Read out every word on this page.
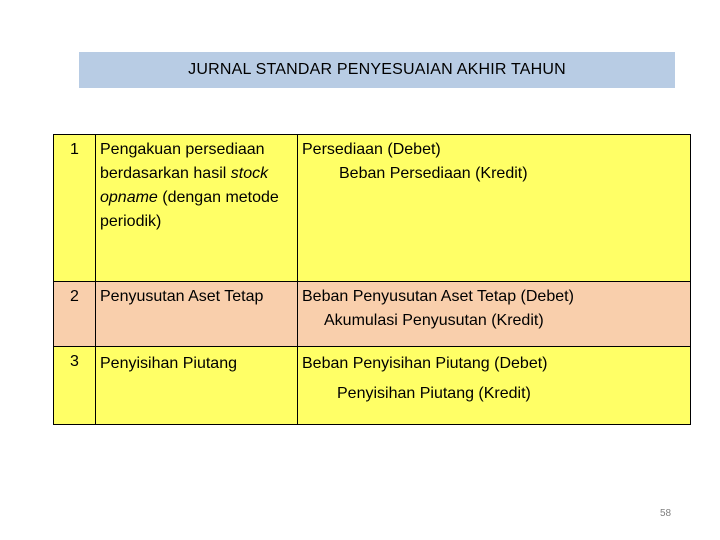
JURNAL STANDAR PENYESUAIAN AKHIR TAHUN
1	Pengakuan persediaan berdasarkan hasil stock opname (dengan metode periodik)	Persediaan (Debet)
Beban Persediaan (Kredit)

2	Penyusutan Aset Tetap	Beban Penyusutan Aset Tetap (Debet)
Akumulasi Penyusutan (Kredit)

3	Penyisihan Piutang	Beban Penyisihan Piutang (Debet)
Penyisihan Piutang (Kredit)
58
